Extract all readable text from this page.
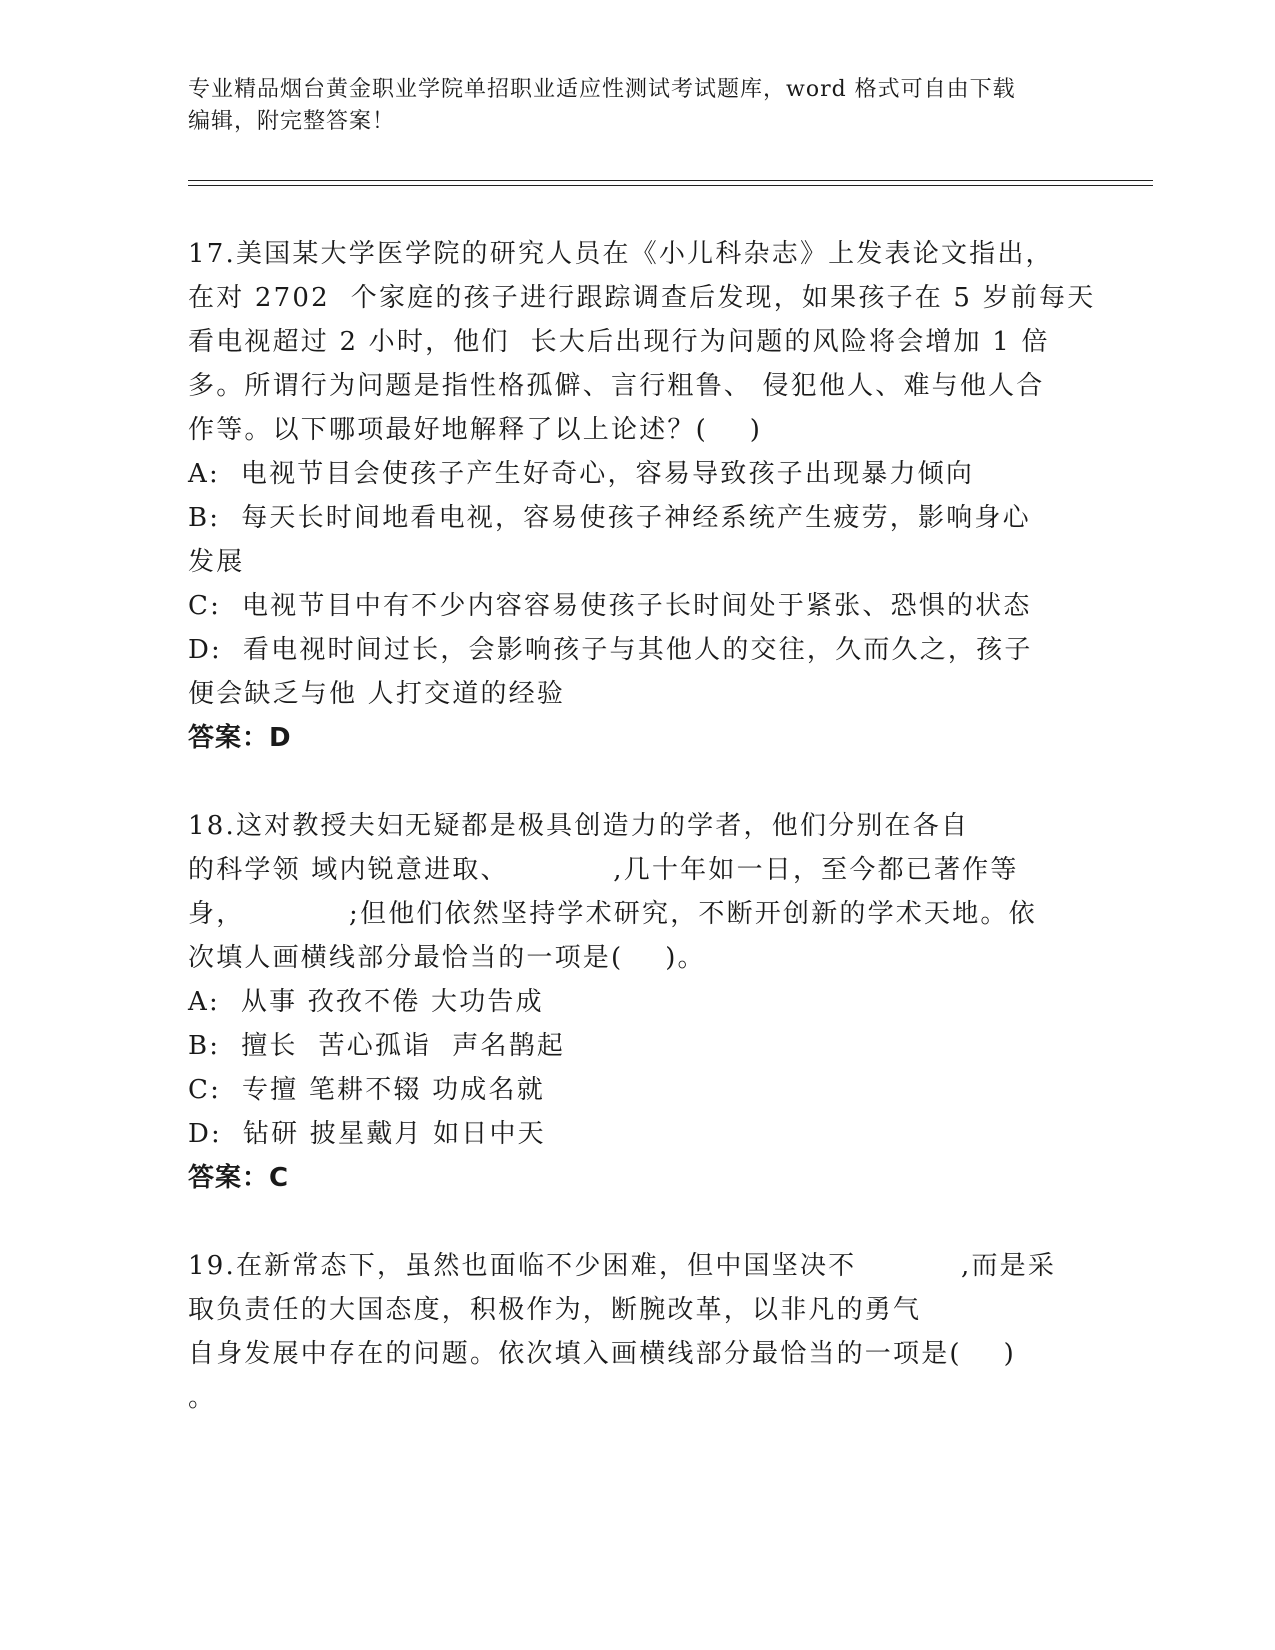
专业精品烟台黄金职业学院单招职业适应性测试考试题库，word 格式可自由下载
编辑，附完整答案！
17.美国某大学医学院的研究人员在《小儿科杂志》上发表论文指出，
在对 2702  个家庭的孩子进行跟踪调查后发现，如果孩子在 5 岁前每天
看电视超过 2 小时，他们  长大后出现行为问题的风险将会增加 1 倍
多。所谓行为问题是指性格孤僻、言行粗鲁、 侵犯他人、难与他人合
作等。以下哪项最好地解释了以上论述？(    )
A:  电视节目会使孩子产生好奇心，容易导致孩子出现暴力倾向
B:  每天长时间地看电视，容易使孩子神经系统产生疲劳，影响身心
发展
C:  电视节目中有不少内容容易使孩子长时间处于紧张、恐惧的状态
D:  看电视时间过长，会影响孩子与其他人的交往，久而久之，孩子
便会缺乏与他 人打交道的经验
答案：D
18.这对教授夫妇无疑都是极具创造力的学者，他们分别在各自
的科学领 域内锐意进取、          ,几十年如一日，至今都已著作等
身，          ;但他们依然坚持学术研究，不断开创新的学术天地。依
次填人画横线部分最恰当的一项是(    )。
A:  从事 孜孜不倦 大功告成
B:  擅长  苦心孤诣  声名鹊起
C:  专擅 笔耕不辍 功成名就
D:  钻研 披星戴月 如日中天
答案：C
19.在新常态下，虽然也面临不少困难，但中国坚决不          ,而是采
取负责任的大国态度，积极作为，断腕改革，以非凡的勇气
自身发展中存在的问题。依次填入画横线部分最恰当的一项是(    )
。
